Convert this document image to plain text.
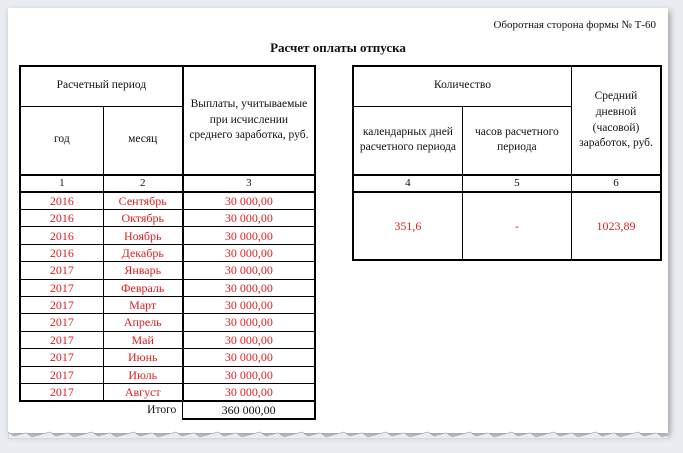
Оборотная сторона формы № Т-60
Расчет оплаты отпуска
Расчетный период		Выплаты, учитываемые при исчислении среднего заработка, руб.
год	месяц	
1	2	3
2016	Сентябрь	30 000,00
2016	Октябрь	30 000,00
2016	Ноябрь	30 000,00
2016	Декабрь	30 000,00
2017	Январь	30 000,00
2017	Февраль	30 000,00
2017	Март	30 000,00
2017	Апрель	30 000,00
2017	Май	30 000,00
2017	Июнь	30 000,00
2017	Июль	30 000,00
2017	Август	30 000,00
	Итого	360 000,00
Количество		Средний дневной (часовой) заработок, руб.
календарных дней расчетного периода	часов расчетного периода	
4	5	6
351,6	-	1023,89
